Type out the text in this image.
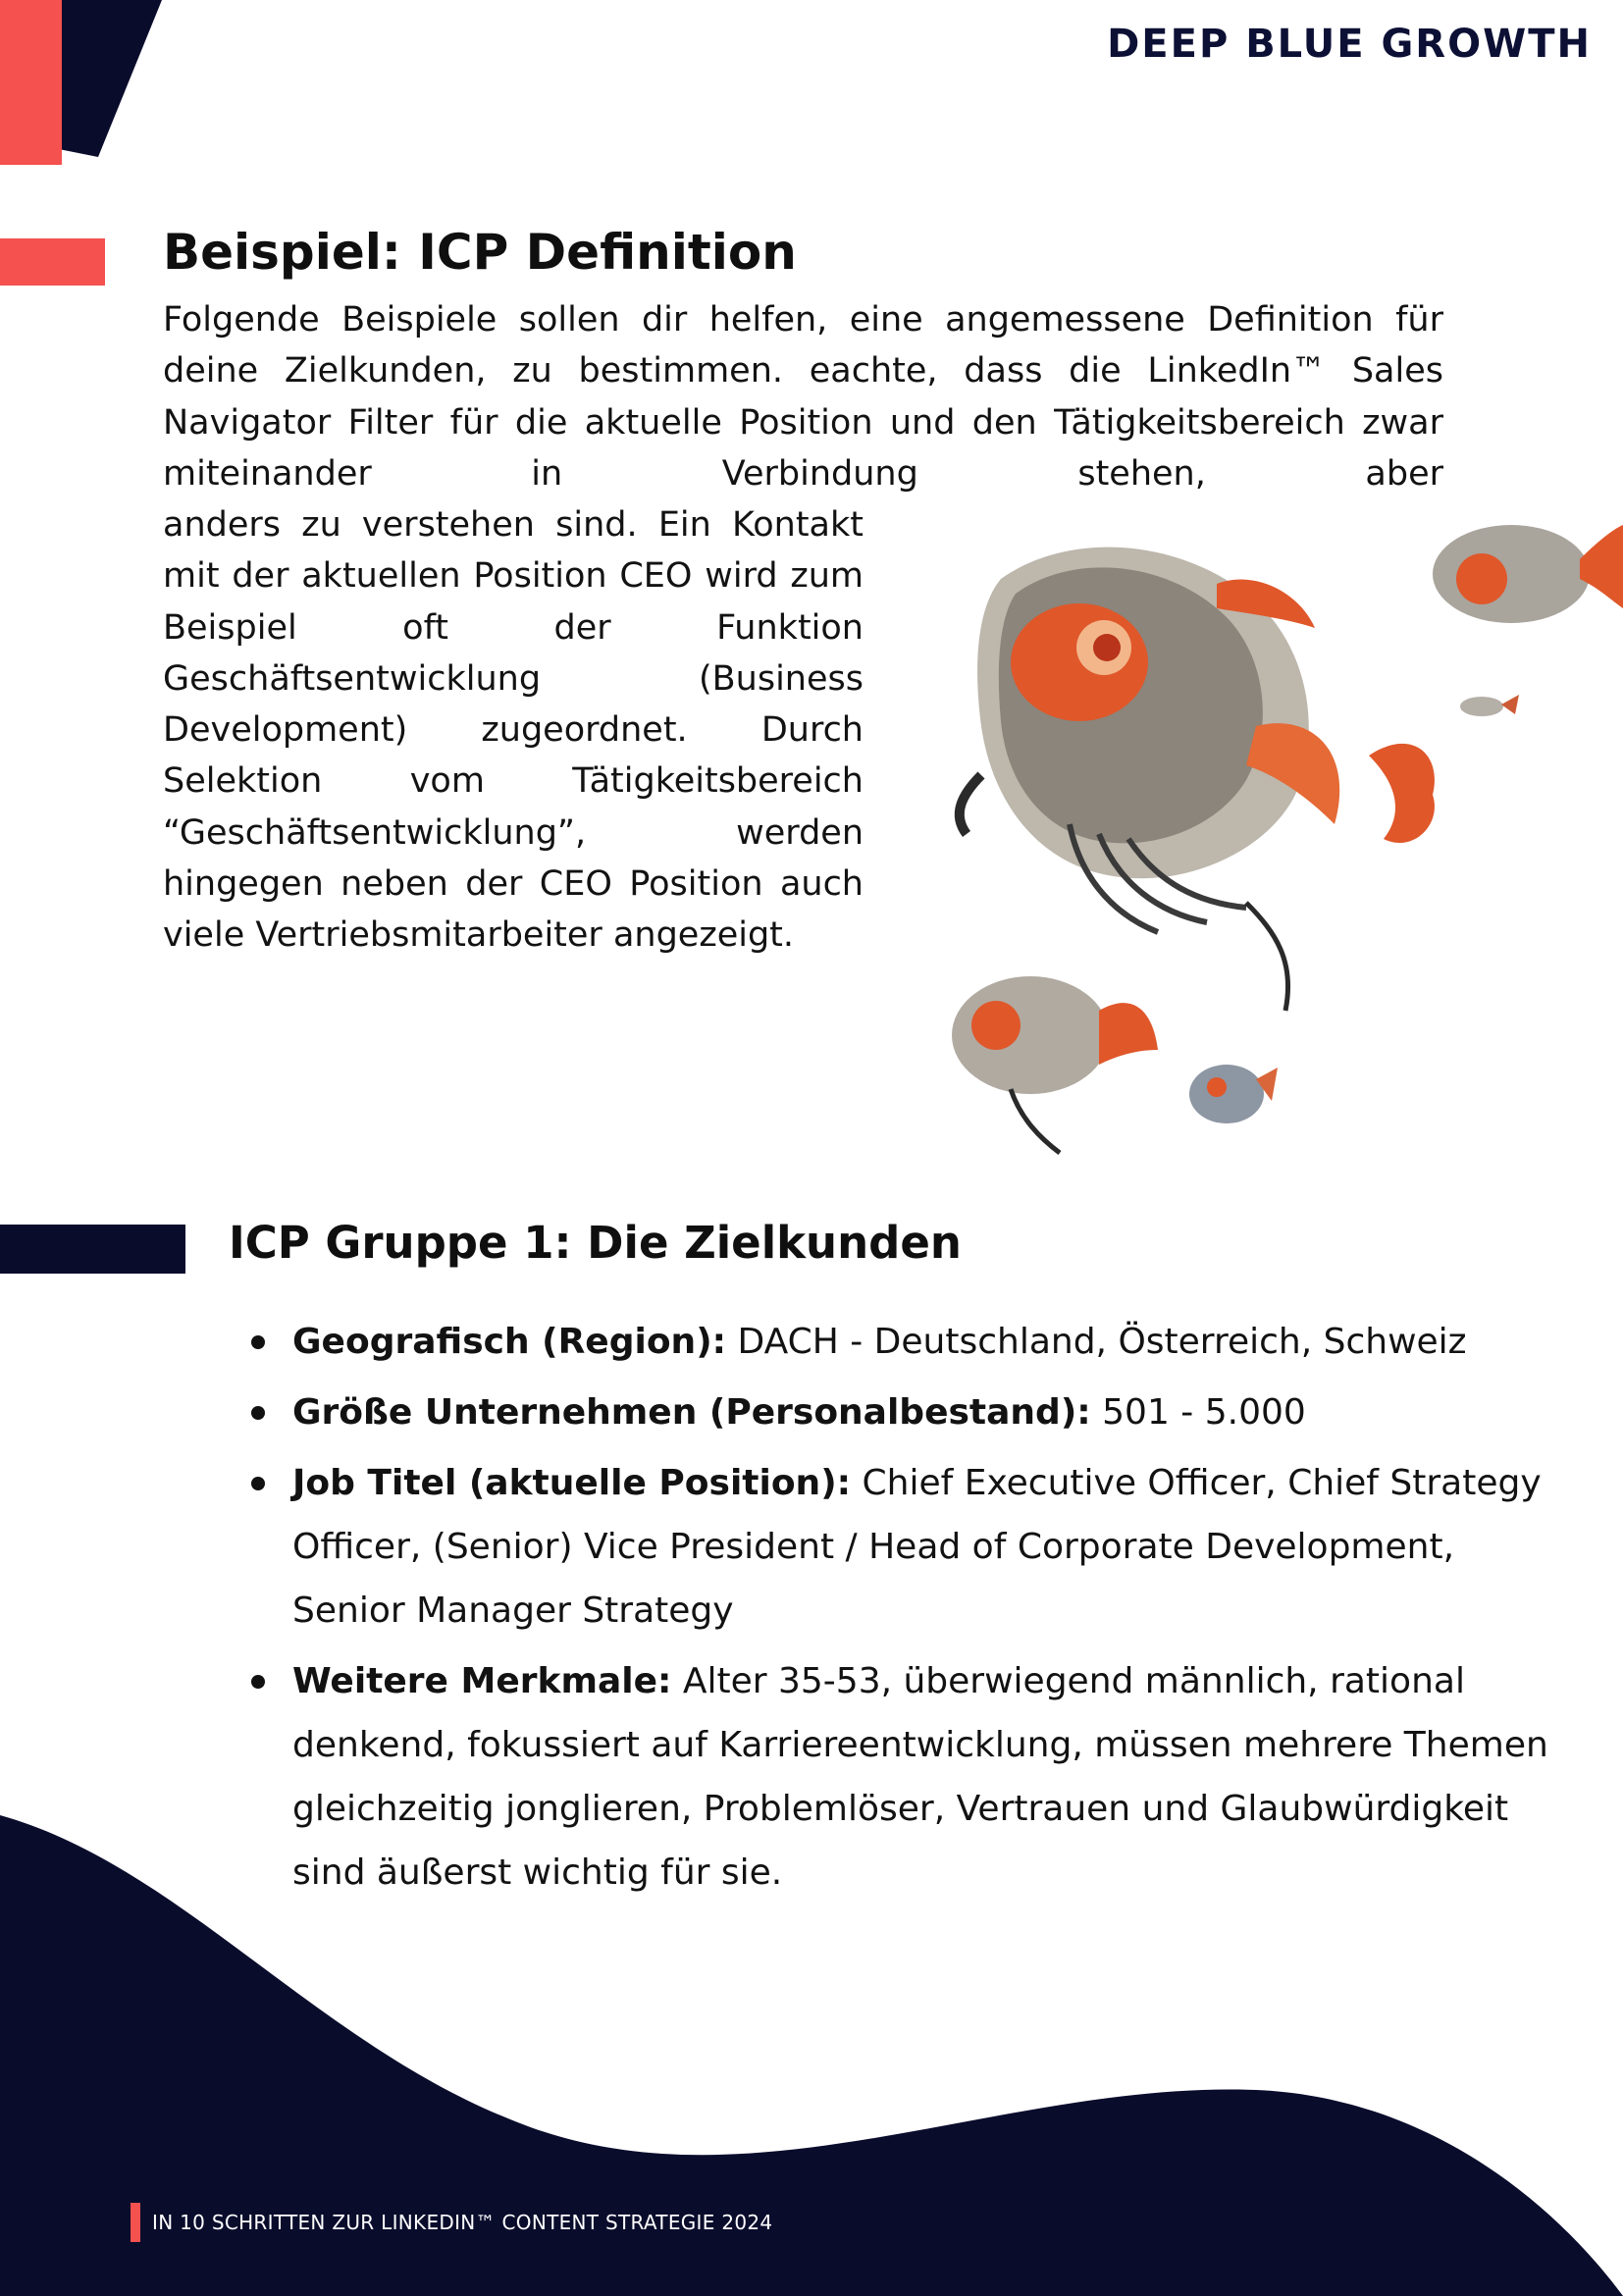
DEEP BLUE GROWTH
Beispiel: ICP Definition

Folgende Beispiele sollen dir helfen, eine angemessene Definition für deine Zielkunden, zu bestimmen. eachte, dass die LinkedIn™ Sales Navigator Filter für die aktuelle Position und den Tätigkeitsbereich zwar miteinander in Verbindung stehen, aber

anders zu verstehen sind. Ein Kontakt mit der aktuellen Position CEO wird zum Beispiel oft der Funktion Geschäftsentwicklung (Business Development) zugeordnet. Durch Selektion vom Tätigkeitsbereich “Geschäftsentwicklung”, werden hingegen neben der CEO Position auch viele Vertriebsmitarbeiter angezeigt.

ICP Gruppe 1: Die Zielkunden
Geografisch (Region): DACH - Deutschland, Österreich, Schweiz
Größe Unternehmen (Personalbestand): 501 - 5.000
Job Titel (aktuelle Position): Chief Executive Officer, Chief Strategy Officer, (Senior) Vice President / Head of Corporate Development, Senior Manager Strategy
Weitere Merkmale: Alter 35-53, überwiegend männlich, rational denkend, fokussiert auf Karriereentwicklung, müssen mehrere Themen gleichzeitig jonglieren, Problemlöser, Vertrauen und Glaubwürdigkeit sind äußerst wichtig für sie.
IN 10 SCHRITTEN ZUR LINKEDIN™ CONTENT STRATEGIE 2024
